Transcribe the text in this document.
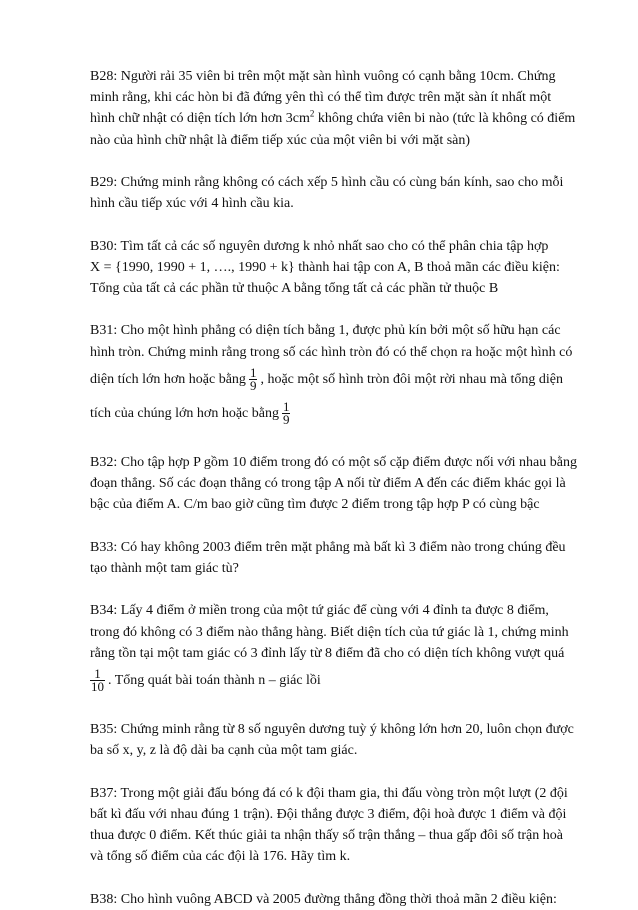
B28: Người rải 35 viên bi trên một mặt sàn hình vuông có cạnh bằng 10cm. Chứng
minh rằng, khi các hòn bi đã đứng yên thì có thể tìm được trên mặt sàn ít nhất một
hình chữ nhật có diện tích lớn hơn $3cm^2$ không chứa viên bi nào (tức là không có điểm
nào của hình chữ nhật là điểm tiếp xúc của một viên bi với mặt sàn)
B29: Chứng minh rằng không có cách xếp 5 hình cầu có cùng bán kính, sao cho mỗi
hình cầu tiếp xúc với 4 hình cầu kia.
B30: Tìm tất cả các số nguyên dương k nhỏ nhất sao cho có thể phân chia tập hợp
X = {1990, 1990 + 1, …., 1990 + k} thành hai tập con A, B thoả mãn các điều kiện:
Tổng của tất cả các phần tử thuộc A bằng tổng tất cả các phần tử thuộc B
B31: Cho một hình phẳng có diện tích bằng 1, được phủ kín bởi một số hữu hạn các
hình tròn. Chứng minh rằng trong số các hình tròn đó có thể chọn ra hoặc một hình có
diện tích lớn hơn hoặc bằng $\frac{1}{9}$ , hoặc một số hình tròn đôi một rời nhau mà tổng diện
tích của chúng lớn hơn hoặc bằng $\frac{1}{9}$
B32: Cho tập hợp P gồm 10 điểm trong đó có một số cặp điểm được nối với nhau bằng
đoạn thẳng. Số các đoạn thẳng có trong tập A nối từ điểm A đến các điểm khác gọi là
bậc của điểm A. C/m bao giờ cũng tìm được 2 điểm trong tập hợp P có cùng bậc
B33: Có hay không 2003 điểm trên mặt phẳng mà bất kì 3 điểm nào trong chúng đều
tạo thành một tam giác tù?
B34: Lấy 4 điểm ở miền trong của một tứ giác để cùng với 4 đỉnh ta được 8 điểm,
trong đó không có 3 điểm nào thẳng hàng. Biết diện tích của tứ giác là 1, chứng minh
rằng tồn tại một tam giác có 3 đỉnh lấy từ 8 điểm đã cho có diện tích không vượt quá
$\frac{1}{10}$ . Tổng quát bài toán thành n – giác lồi
B35: Chứng minh rằng từ 8 số nguyên dương tuỳ ý không lớn hơn 20, luôn chọn được
ba số x, y, z là độ dài ba cạnh của một tam giác.
B37: Trong một giải đấu bóng đá có k đội tham gia, thi đấu vòng tròn một lượt (2 đội
bất kì đấu với nhau đúng 1 trận). Đội thắng được 3 điểm, đội hoà được 1 điểm và đội
thua được 0 điểm. Kết thúc giải ta nhận thấy số trận thắng – thua gấp đôi số trận hoà
và tổng số điểm của các đội là 176. Hãy tìm k.
B38: Cho hình vuông ABCD và 2005 đường thẳng đồng thời thoả mãn 2 điều kiện:
